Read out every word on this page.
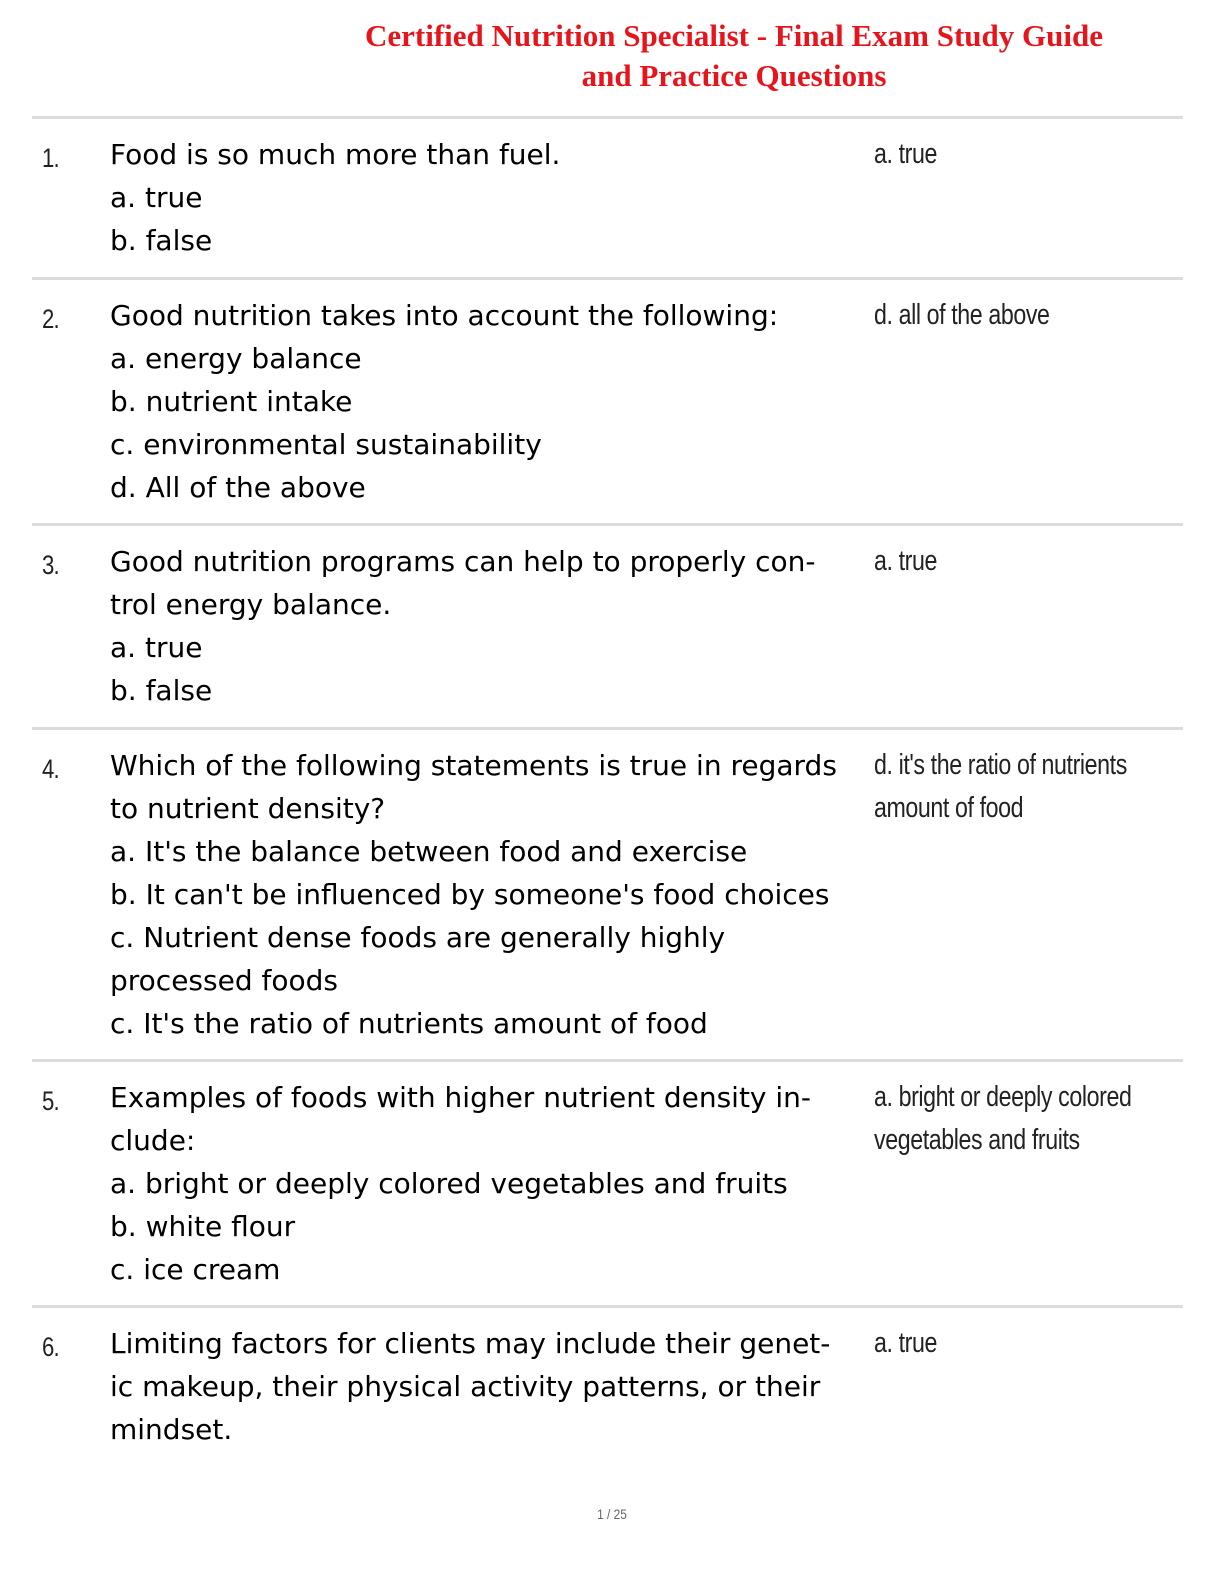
Certified Nutrition Specialist - Final Exam Study Guide
and Practice Questions
1. Food is so much more than fuel.
a. true
b. false
a. true
2. Good nutrition takes into account the following:
a. energy balance
b. nutrient intake
c. environmental sustainability
d. All of the above
d. all of the above
3. Good nutrition programs can help to properly con-
trol energy balance.
a. true
b. false
a. true
4. Which of the following statements is true in regards
to nutrient density?
a. It's the balance between food and exercise
b. It can't be influenced by someone's food choices
c. Nutrient dense foods are generally highly
processed foods
c. It's the ratio of nutrients amount of food
d. it's the ratio of nutrients
amount of food
5. Examples of foods with higher nutrient density in-
clude:
a. bright or deeply colored vegetables and fruits
b. white flour
c. ice cream
a. bright or deeply colored
vegetables and fruits
6. Limiting factors for clients may include their genet-
ic makeup, their physical activity patterns, or their
mindset.
a. true
1 / 25
